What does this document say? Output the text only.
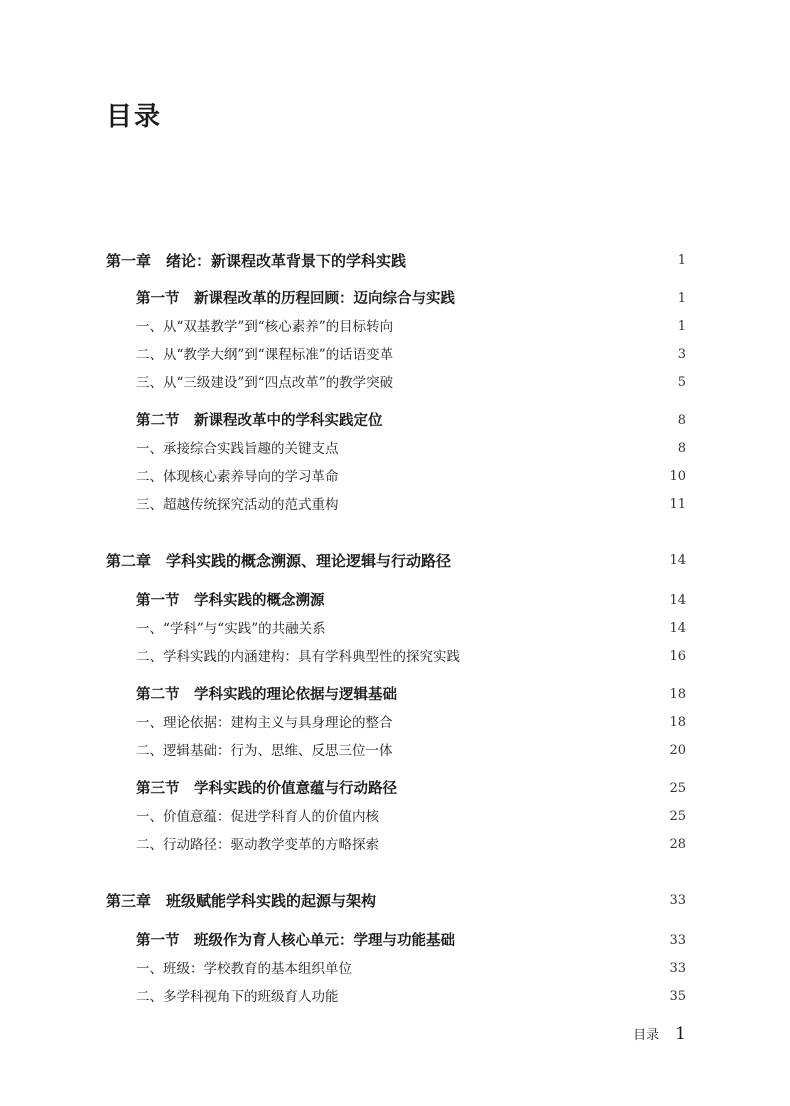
目录
第一章　 绪论：新课程改革背景下的学科实践	1
第一节　 新课程改革的历程回顾：迈向综合与实践	1
一、从“双基教学”到“核心素养”的目标转向	1
二、从“教学大纲”到“课程标准”的话语变革	3
三、从“三级建设”到“四点改革”的教学突破	5
第二节　 新课程改革中的学科实践定位	8
一、承接综合实践旨趣的关键支点	8
二、体现核心素养导向的学习革命	10
三、超越传统探究活动的范式重构	11
第二章　 学科实践的概念溯源、理论逻辑与行动路径	14
第一节　 学科实践的概念溯源	14
一、“学科”与“实践”的共融关系	14
二、学科实践的内涵建构：具有学科典型性的探究实践	16
第二节　 学科实践的理论依据与逻辑基础	18
一、理论依据：建构主义与具身理论的整合	18
二、逻辑基础：行为、思维、反思三位一体	20
第三节　 学科实践的价值意蕴与行动路径	25
一、价值意蕴：促进学科育人的价值内核	25
二、行动路径：驱动教学变革的方略探索	28
第三章　 班级赋能学科实践的起源与架构	33
第一节　 班级作为育人核心单元：学理与功能基础	33
一、班级：学校教育的基本组织单位	33
二、多学科视角下的班级育人功能	35
目录 1
